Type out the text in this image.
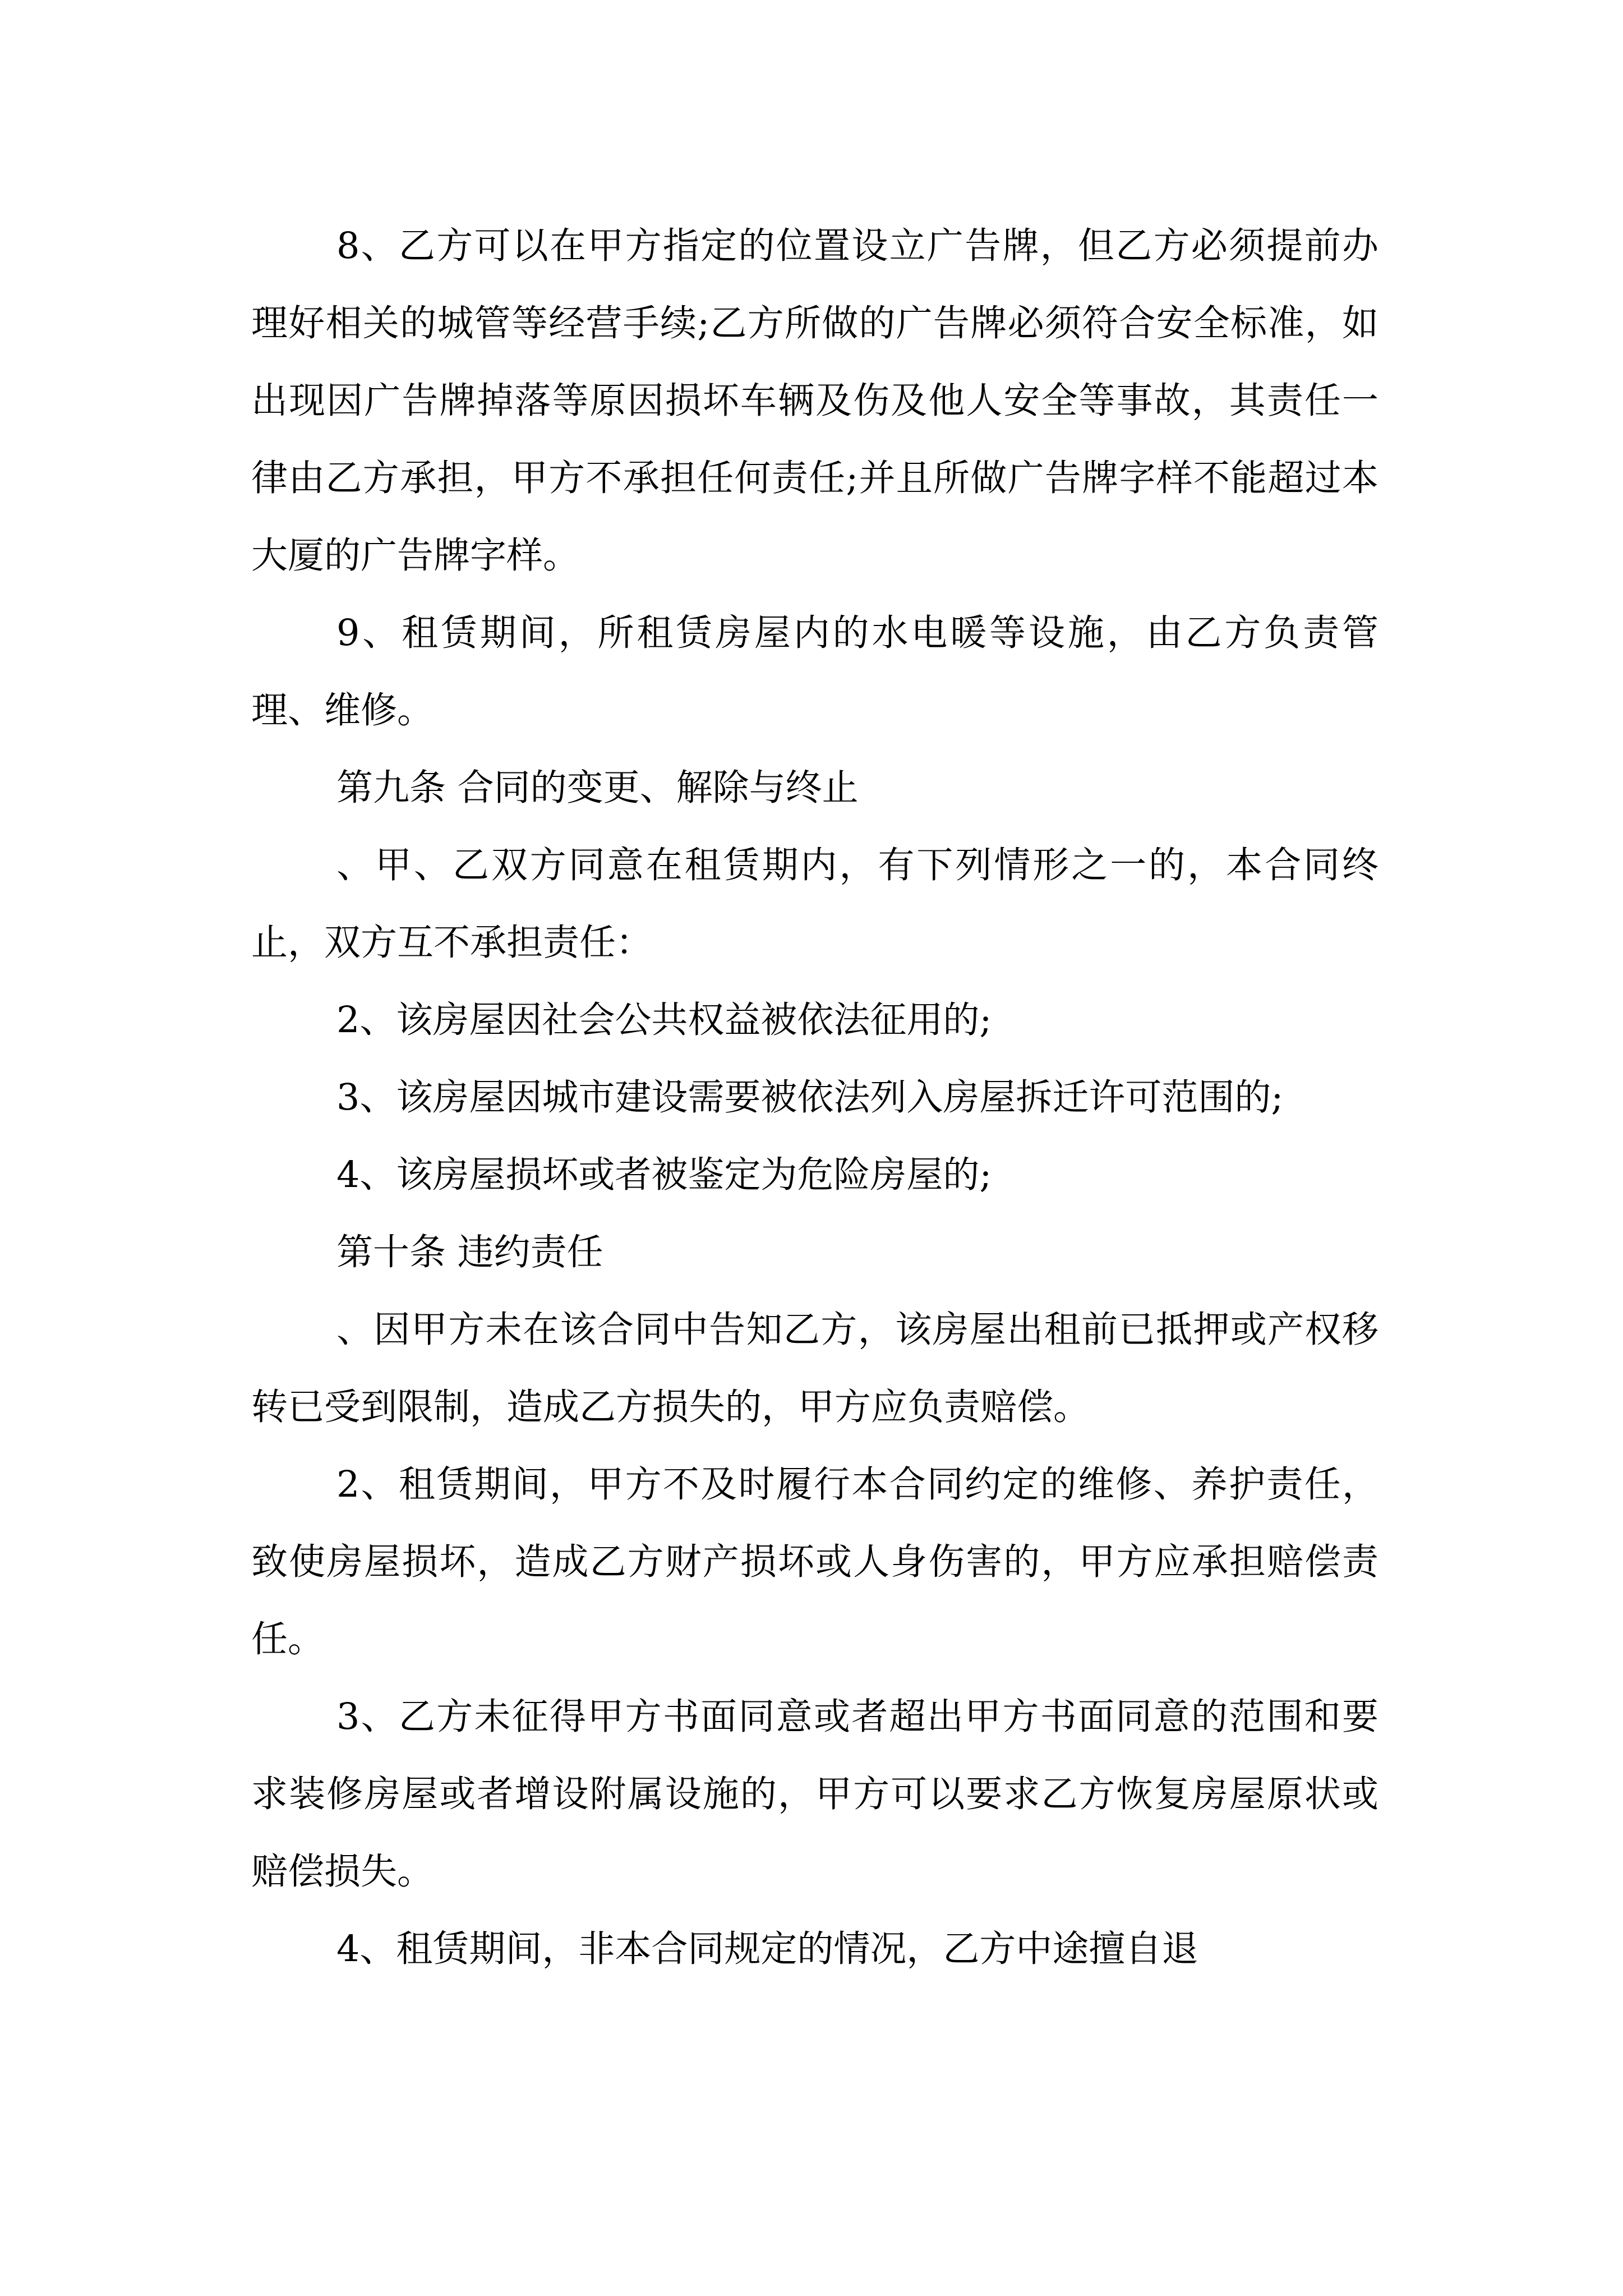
8、乙方可以在甲方指定的位置设立广告牌，但乙方必须提前办理好相关的城管等经营手续;乙方所做的广告牌必须符合安全标准，如出现因广告牌掉落等原因损坏车辆及伤及他人安全等事故，其责任一律由乙方承担，甲方不承担任何责任;并且所做广告牌字样不能超过本大厦的广告牌字样。

9、租赁期间，所租赁房屋内的水电暖等设施，由乙方负责管理、维修。

第九条 合同的变更、解除与终止

、甲、乙双方同意在租赁期内，有下列情形之一的，本合同终止，双方互不承担责任：

2、该房屋因社会公共权益被依法征用的;

3、该房屋因城市建设需要被依法列入房屋拆迁许可范围的;

4、该房屋损坏或者被鉴定为危险房屋的;

第十条 违约责任

、因甲方未在该合同中告知乙方，该房屋出租前已抵押或产权移转已受到限制，造成乙方损失的，甲方应负责赔偿。

2、租赁期间，甲方不及时履行本合同约定的维修、养护责任，致使房屋损坏，造成乙方财产损坏或人身伤害的，甲方应承担赔偿责任。

3、乙方未征得甲方书面同意或者超出甲方书面同意的范围和要求装修房屋或者增设附属设施的，甲方可以要求乙方恢复房屋原状或赔偿损失。

4、租赁期间，非本合同规定的情况，乙方中途擅自退
